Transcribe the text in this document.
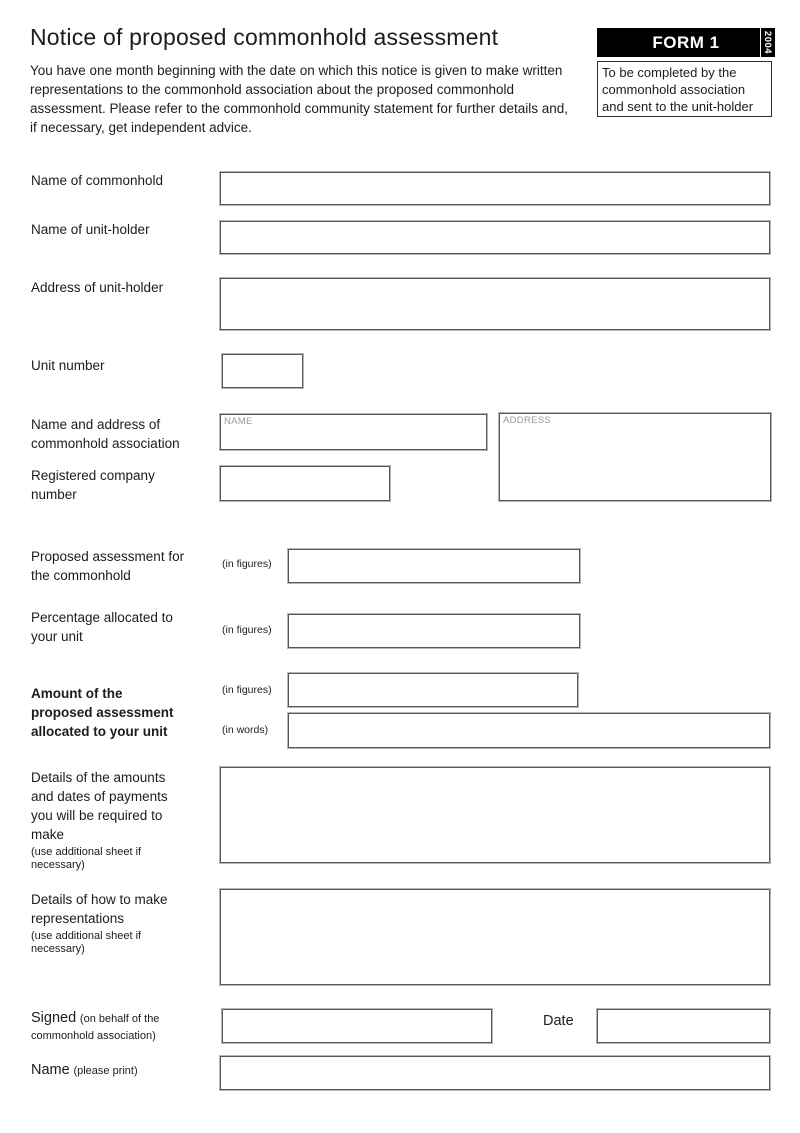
Notice of proposed commonhold assessment

You have one month beginning with the date on which this notice is given to make written representations to the commonhold association about the proposed commonhold assessment. Please refer to the commonhold community statement for further details and, if necessary, get independent advice.

FORM 1	2004
To be completed by the commonhold association and sent to the unit-holder
Name of commonhold
Name of unit-holder
Address of unit-holder
Unit number
Name and address of commonhold association
NAME
ADDRESS
Registered company number
Proposed assessment for the commonhold
(in figures)
Percentage allocated to your unit	(in figures)
Amount of the proposed assessment allocated to your unit
(in figures)
(in words)
Details of the amounts and dates of payments you will be required to make
(use additional sheet if necessary)
Details of how to make representations
(use additional sheet if necessary)
Signed (on behalf of the commonhold association)
Date
Name (please print)
